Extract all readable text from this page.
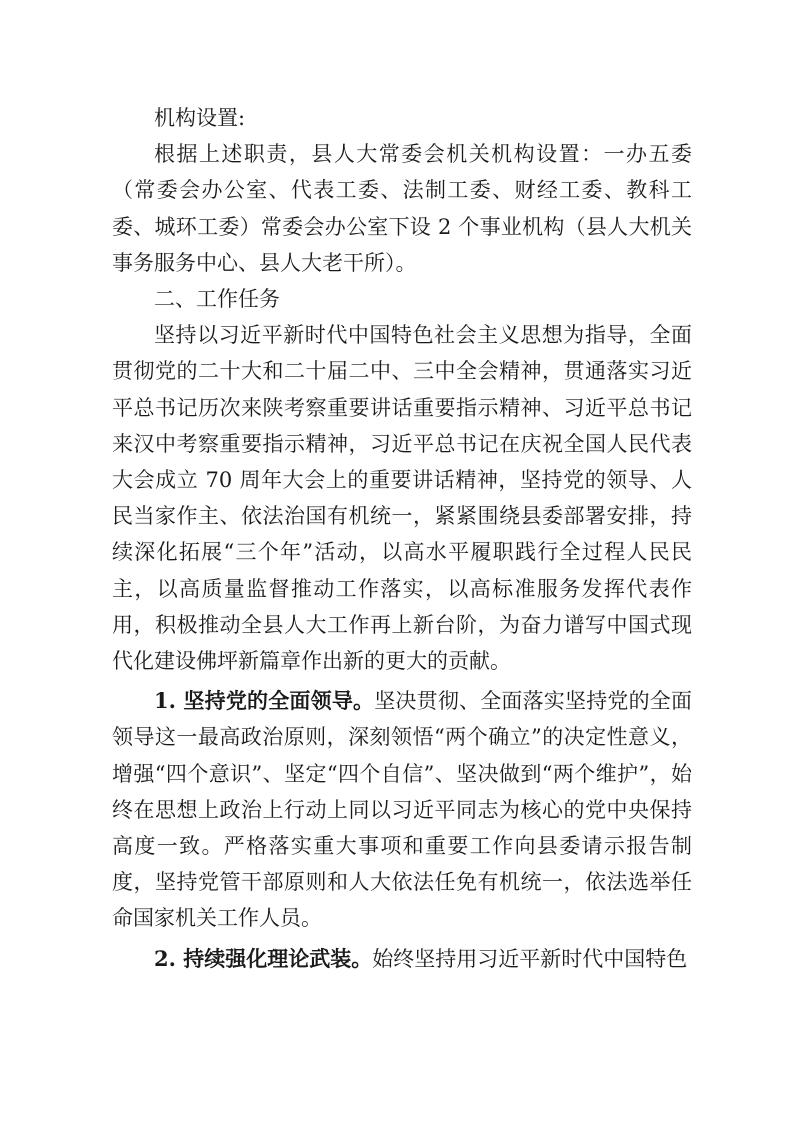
机构设置:

根据上述职责，县人大常委会机关机构设置：一办五委（常委会办公室、代表工委、法制工委、财经工委、教科工委、城环工委）常委会办公室下设 2 个事业机构（县人大机关事务服务中心、县人大老干所）。

二、工作任务

坚持以习近平新时代中国特色社会主义思想为指导，全面贯彻党的二十大和二十届二中、三中全会精神，贯通落实习近平总书记历次来陕考察重要讲话重要指示精神、习近平总书记来汉中考察重要指示精神，习近平总书记在庆祝全国人民代表大会成立 70 周年大会上的重要讲话精神，坚持党的领导、人民当家作主、依法治国有机统一，紧紧围绕县委部署安排，持续深化拓展“三个年”活动，以高水平履职践行全过程人民民主，以高质量监督推动工作落实，以高标准服务发挥代表作用，积极推动全县人大工作再上新台阶，为奋力谱写中国式现代化建设佛坪新篇章作出新的更大的贡献。

1. 坚持党的全面领导。坚决贯彻、全面落实坚持党的全面领导这一最高政治原则，深刻领悟“两个确立”的决定性意义，增强“四个意识”、坚定“四个自信”、坚决做到“两个维护”，始终在思想上政治上行动上同以习近平同志为核心的党中央保持高度一致。严格落实重大事项和重要工作向县委请示报告制度，坚持党管干部原则和人大依法任免有机统一，依法选举任命国家机关工作人员。

2. 持续强化理论武装。始终坚持用习近平新时代中国特色
